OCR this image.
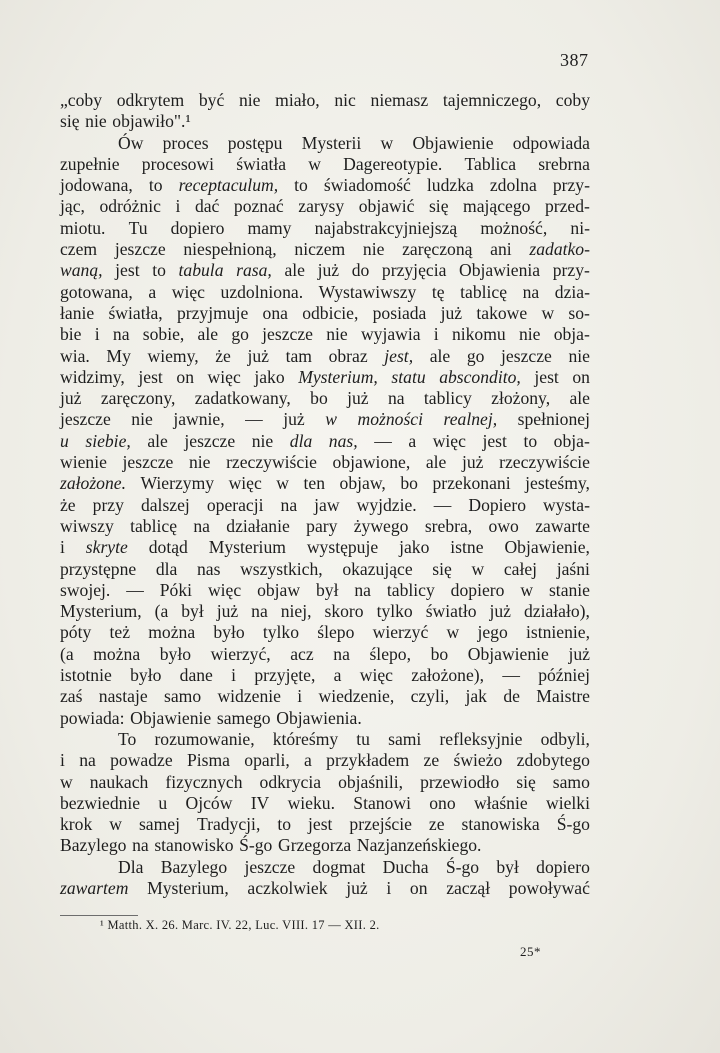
387
„coby odkrytem być nie miało, nic niemasz tajemniczego, coby
się nie objawiło".¹
Ów proces postępu Mysterii w Objawienie odpowiada
zupełnie procesowi światła w Dagereotypie. Tablica srebrna
jodowana, to receptaculum, to świadomość ludzka zdolna przy-
jąc, odróżnic i dać poznać zarysy objawić się mającego przed-
miotu. Tu dopiero mamy najabstrakcyjniejszą możność, ni-
czem jeszcze niespełnioną, niczem nie zaręczoną ani zadatko-
waną, jest to tabula rasa, ale już do przyjęcia Objawienia przy-
gotowana, a więc uzdolniona. Wystawiwszy tę tablicę na dzia-
łanie światła, przyjmuje ona odbicie, posiada już takowe w so-
bie i na sobie, ale go jeszcze nie wyjawia i nikomu nie obja-
wia. My wiemy, że już tam obraz jest, ale go jeszcze nie
widzimy, jest on więc jako Mysterium, statu abscondito, jest on
już zaręczony, zadatkowany, bo już na tablicy złożony, ale
jeszcze nie jawnie, — już w możności realnej, spełnionej
u siebie, ale jeszcze nie dla nas, — a więc jest to obja-
wienie jeszcze nie rzeczywiście objawione, ale już rzeczywiście
założone. Wierzymy więc w ten objaw, bo przekonani jesteśmy,
że przy dalszej operacji na jaw wyjdzie. — Dopiero wysta-
wiwszy tablicę na działanie pary żywego srebra, owo zawarte
i skryte dotąd Mysterium występuje jako istne Objawienie,
przystępne dla nas wszystkich, okazujące się w całej jaśni
swojej. — Póki więc objaw był na tablicy dopiero w stanie
Mysterium, (a był już na niej, skoro tylko światło już działało),
póty też można było tylko ślepo wierzyć w jego istnienie,
(a można było wierzyć, acz na ślepo, bo Objawienie już
istotnie było dane i przyjęte, a więc założone), — później
zaś nastaje samo widzenie i wiedzenie, czyli, jak de Maistre
powiada: Objawienie samego Objawienia.
To rozumowanie, któreśmy tu sami refleksyjnie odbyli,
i na powadze Pisma oparli, a przykładem ze świeżo zdobytego
w naukach fizycznych odkrycia objaśnili, przewiodło się samo
bezwiednie u Ojców IV wieku. Stanowi ono właśnie wielki
krok w samej Tradycji, to jest przejście ze stanowiska Ś-go
Bazylego na stanowisko Ś-go Grzegorza Nazjanzeńskiego.
Dla Bazylego jeszcze dogmat Ducha Ś-go był dopiero
zawartem Mysterium, aczkolwiek już i on zaczął powoływać
¹ Matth. X. 26. Marc. IV. 22, Luc. VIII. 17 — XII. 2.
25*
